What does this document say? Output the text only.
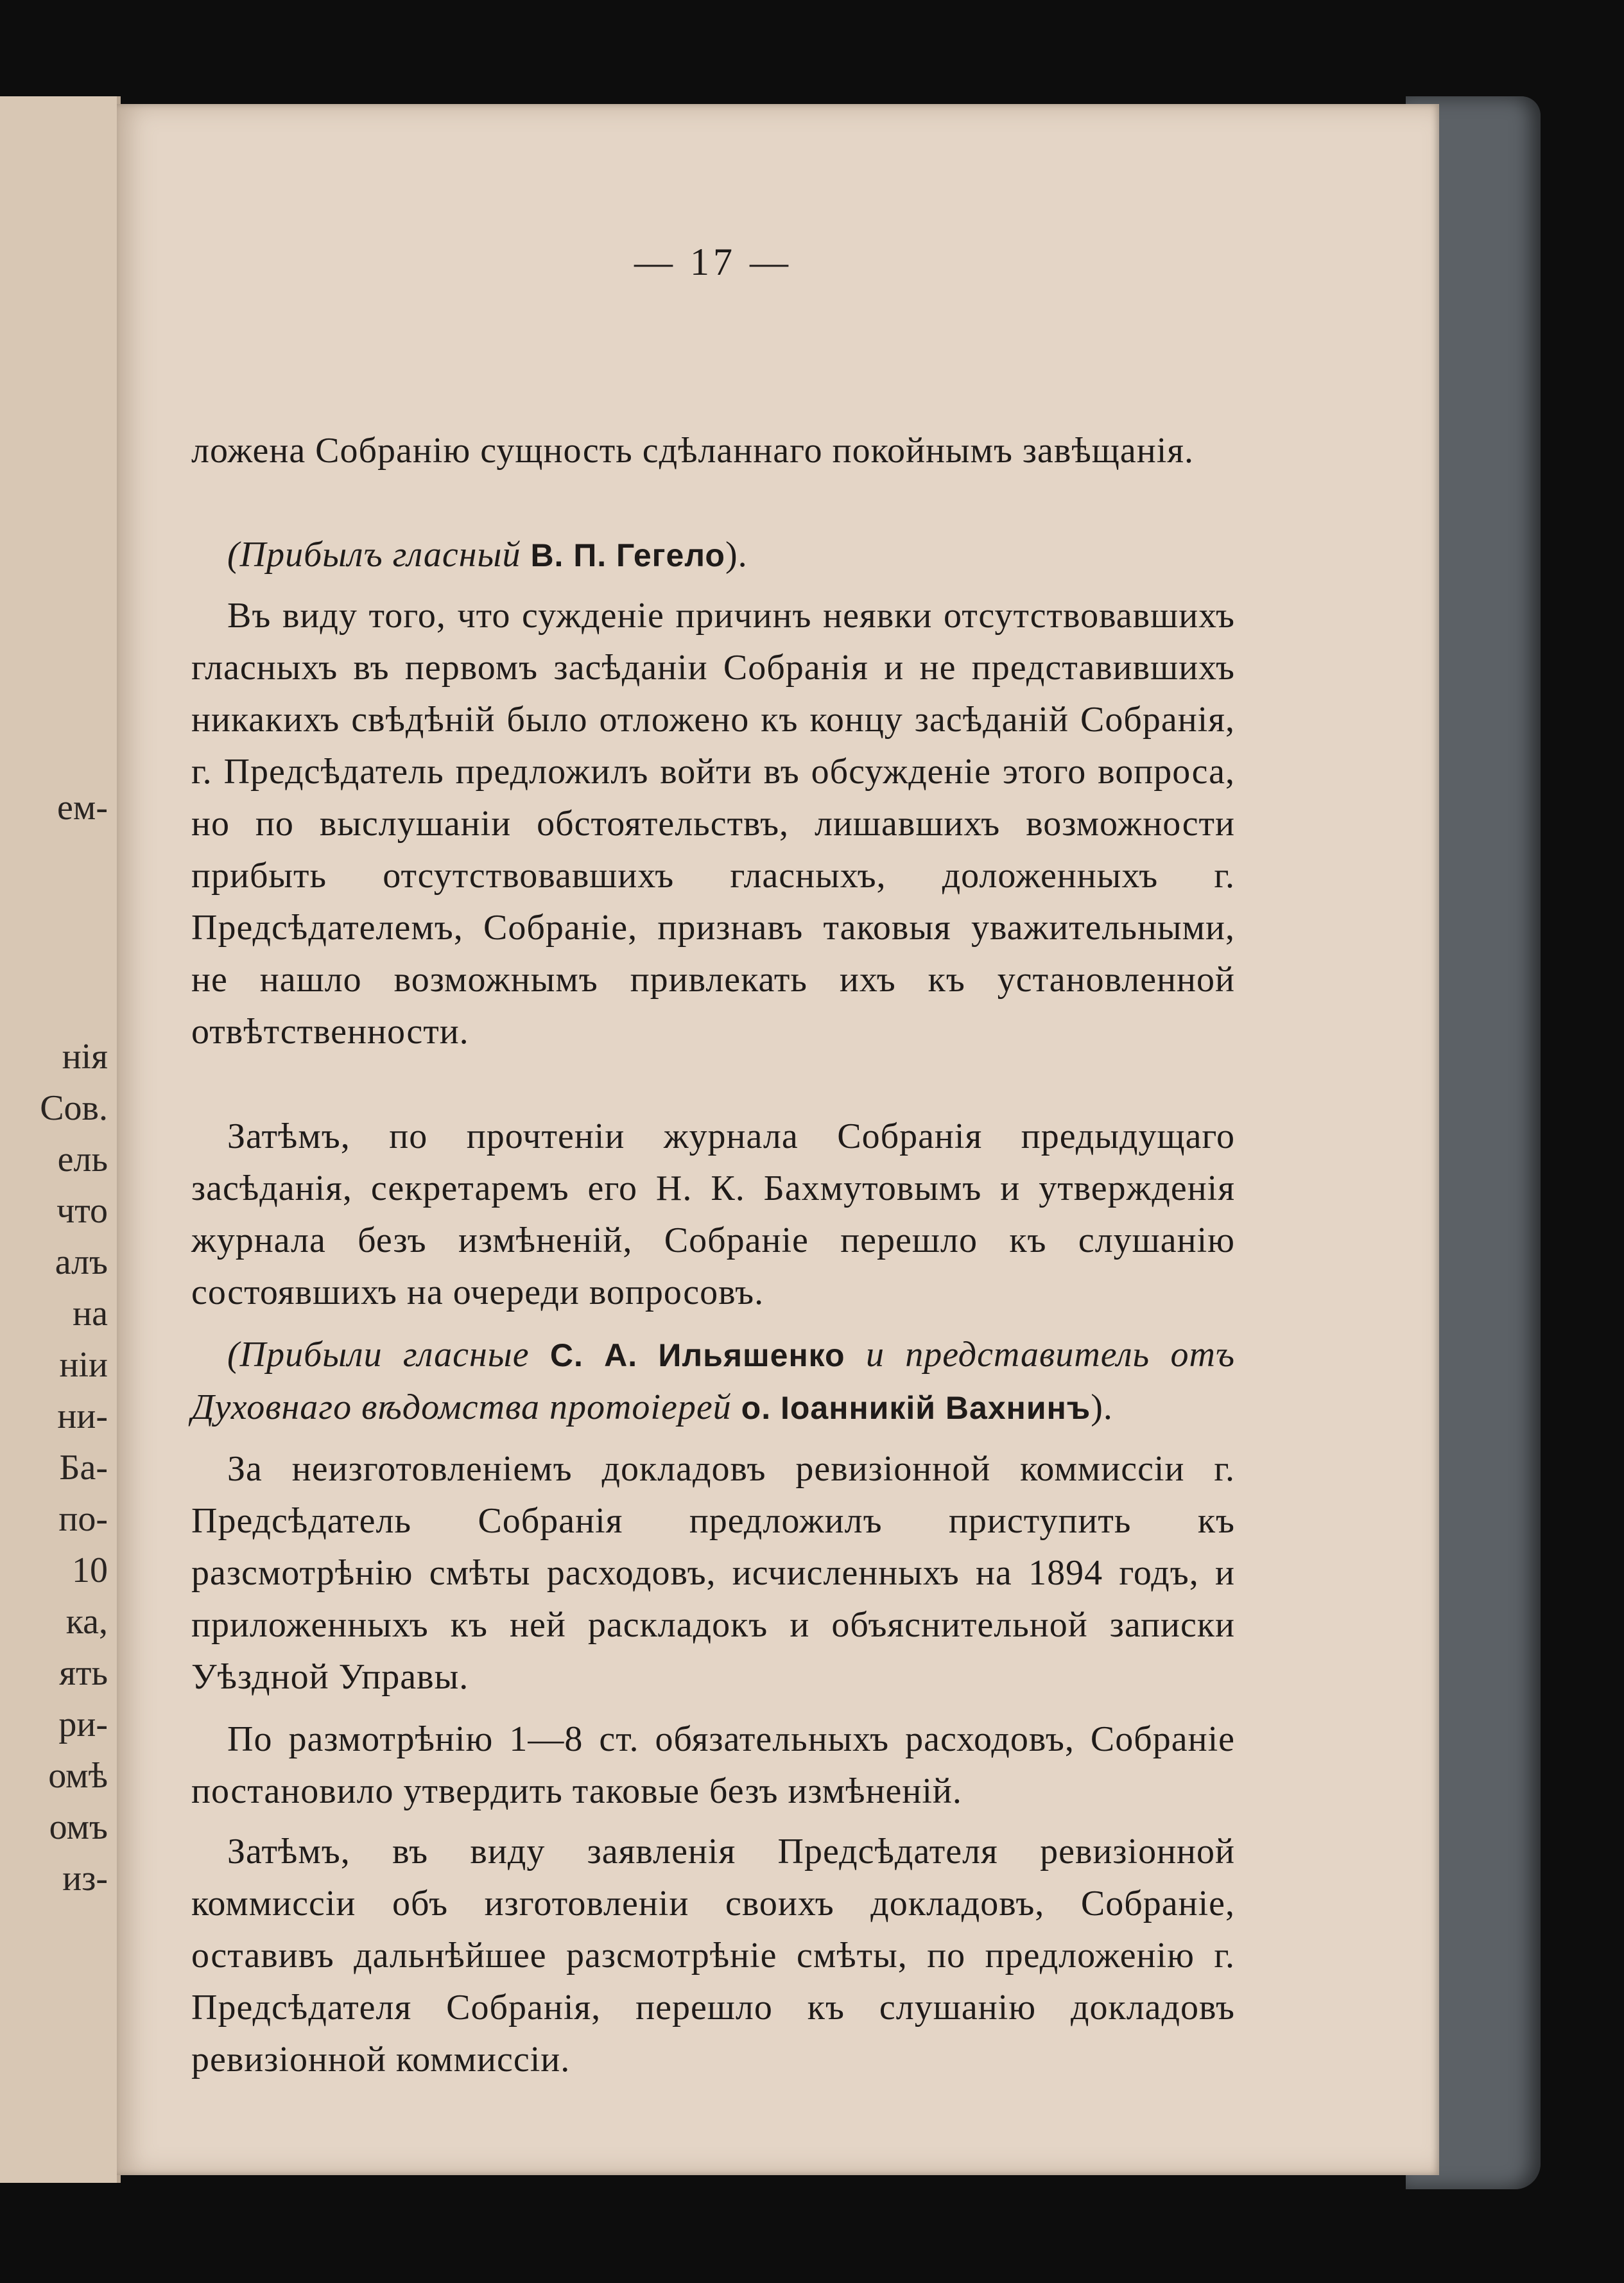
ем-
нія
Сов.
ель
что
алъ
на
ніи
ни-
Ба-
по-
10
ка,
ять
ри-
омѣ
омъ
из-
— 17 —

ложена Собранію сущность сдѣланнаго покойнымъ завѣщанія.

(Прибылъ гласный В. П. Гегело).

Въ виду того, что сужденіе причинъ неявки отсутствовавшихъ гласныхъ въ первомъ засѣданіи Собранія и не представившихъ никакихъ свѣдѣній было отложено къ концу засѣданій Собранія, г. Предсѣдатель предложилъ войти въ обсужденіе этого вопроса, но по выслушаніи обстоятельствъ, лишавшихъ возможности прибыть отсутствовавшихъ гласныхъ, доложенныхъ г. Предсѣдателемъ, Собраніе, признавъ таковыя уважительными, не нашло возможнымъ привлекать ихъ къ установленной отвѣтственности.

Затѣмъ, по прочтеніи журнала Собранія предыдущаго засѣданія, секретаремъ его Н. К. Бахмутовымъ и утвержденія журнала безъ измѣненій, Собраніе перешло къ слушанію состоявшихъ на очереди вопросовъ.

(Прибыли гласные С. А. Ильяшенко и представитель отъ Духовнаго вѣдомства протоіерей о. Іоанникій Вахнинъ).

За неизготовленіемъ докладовъ ревизіонной коммиссіи г. Предсѣдатель Собранія предложилъ приступить къ разсмотрѣнію смѣты расходовъ, исчисленныхъ на 1894 годъ, и приложенныхъ къ ней раскладокъ и объяснительной записки Уѣздной Управы.

По размотрѣнію 1—8 ст. обязательныхъ расходовъ, Собраніе постановило утвердить таковые безъ измѣненій.

Затѣмъ, въ виду заявленія Предсѣдателя ревизіонной коммиссіи объ изготовленіи своихъ докладовъ, Собраніе, оставивъ дальнѣйшее разсмотрѣніе смѣты, по предложенію г. Предсѣдателя Собранія, перешло къ слушанію докладовъ ревизіонной коммиссіи.
